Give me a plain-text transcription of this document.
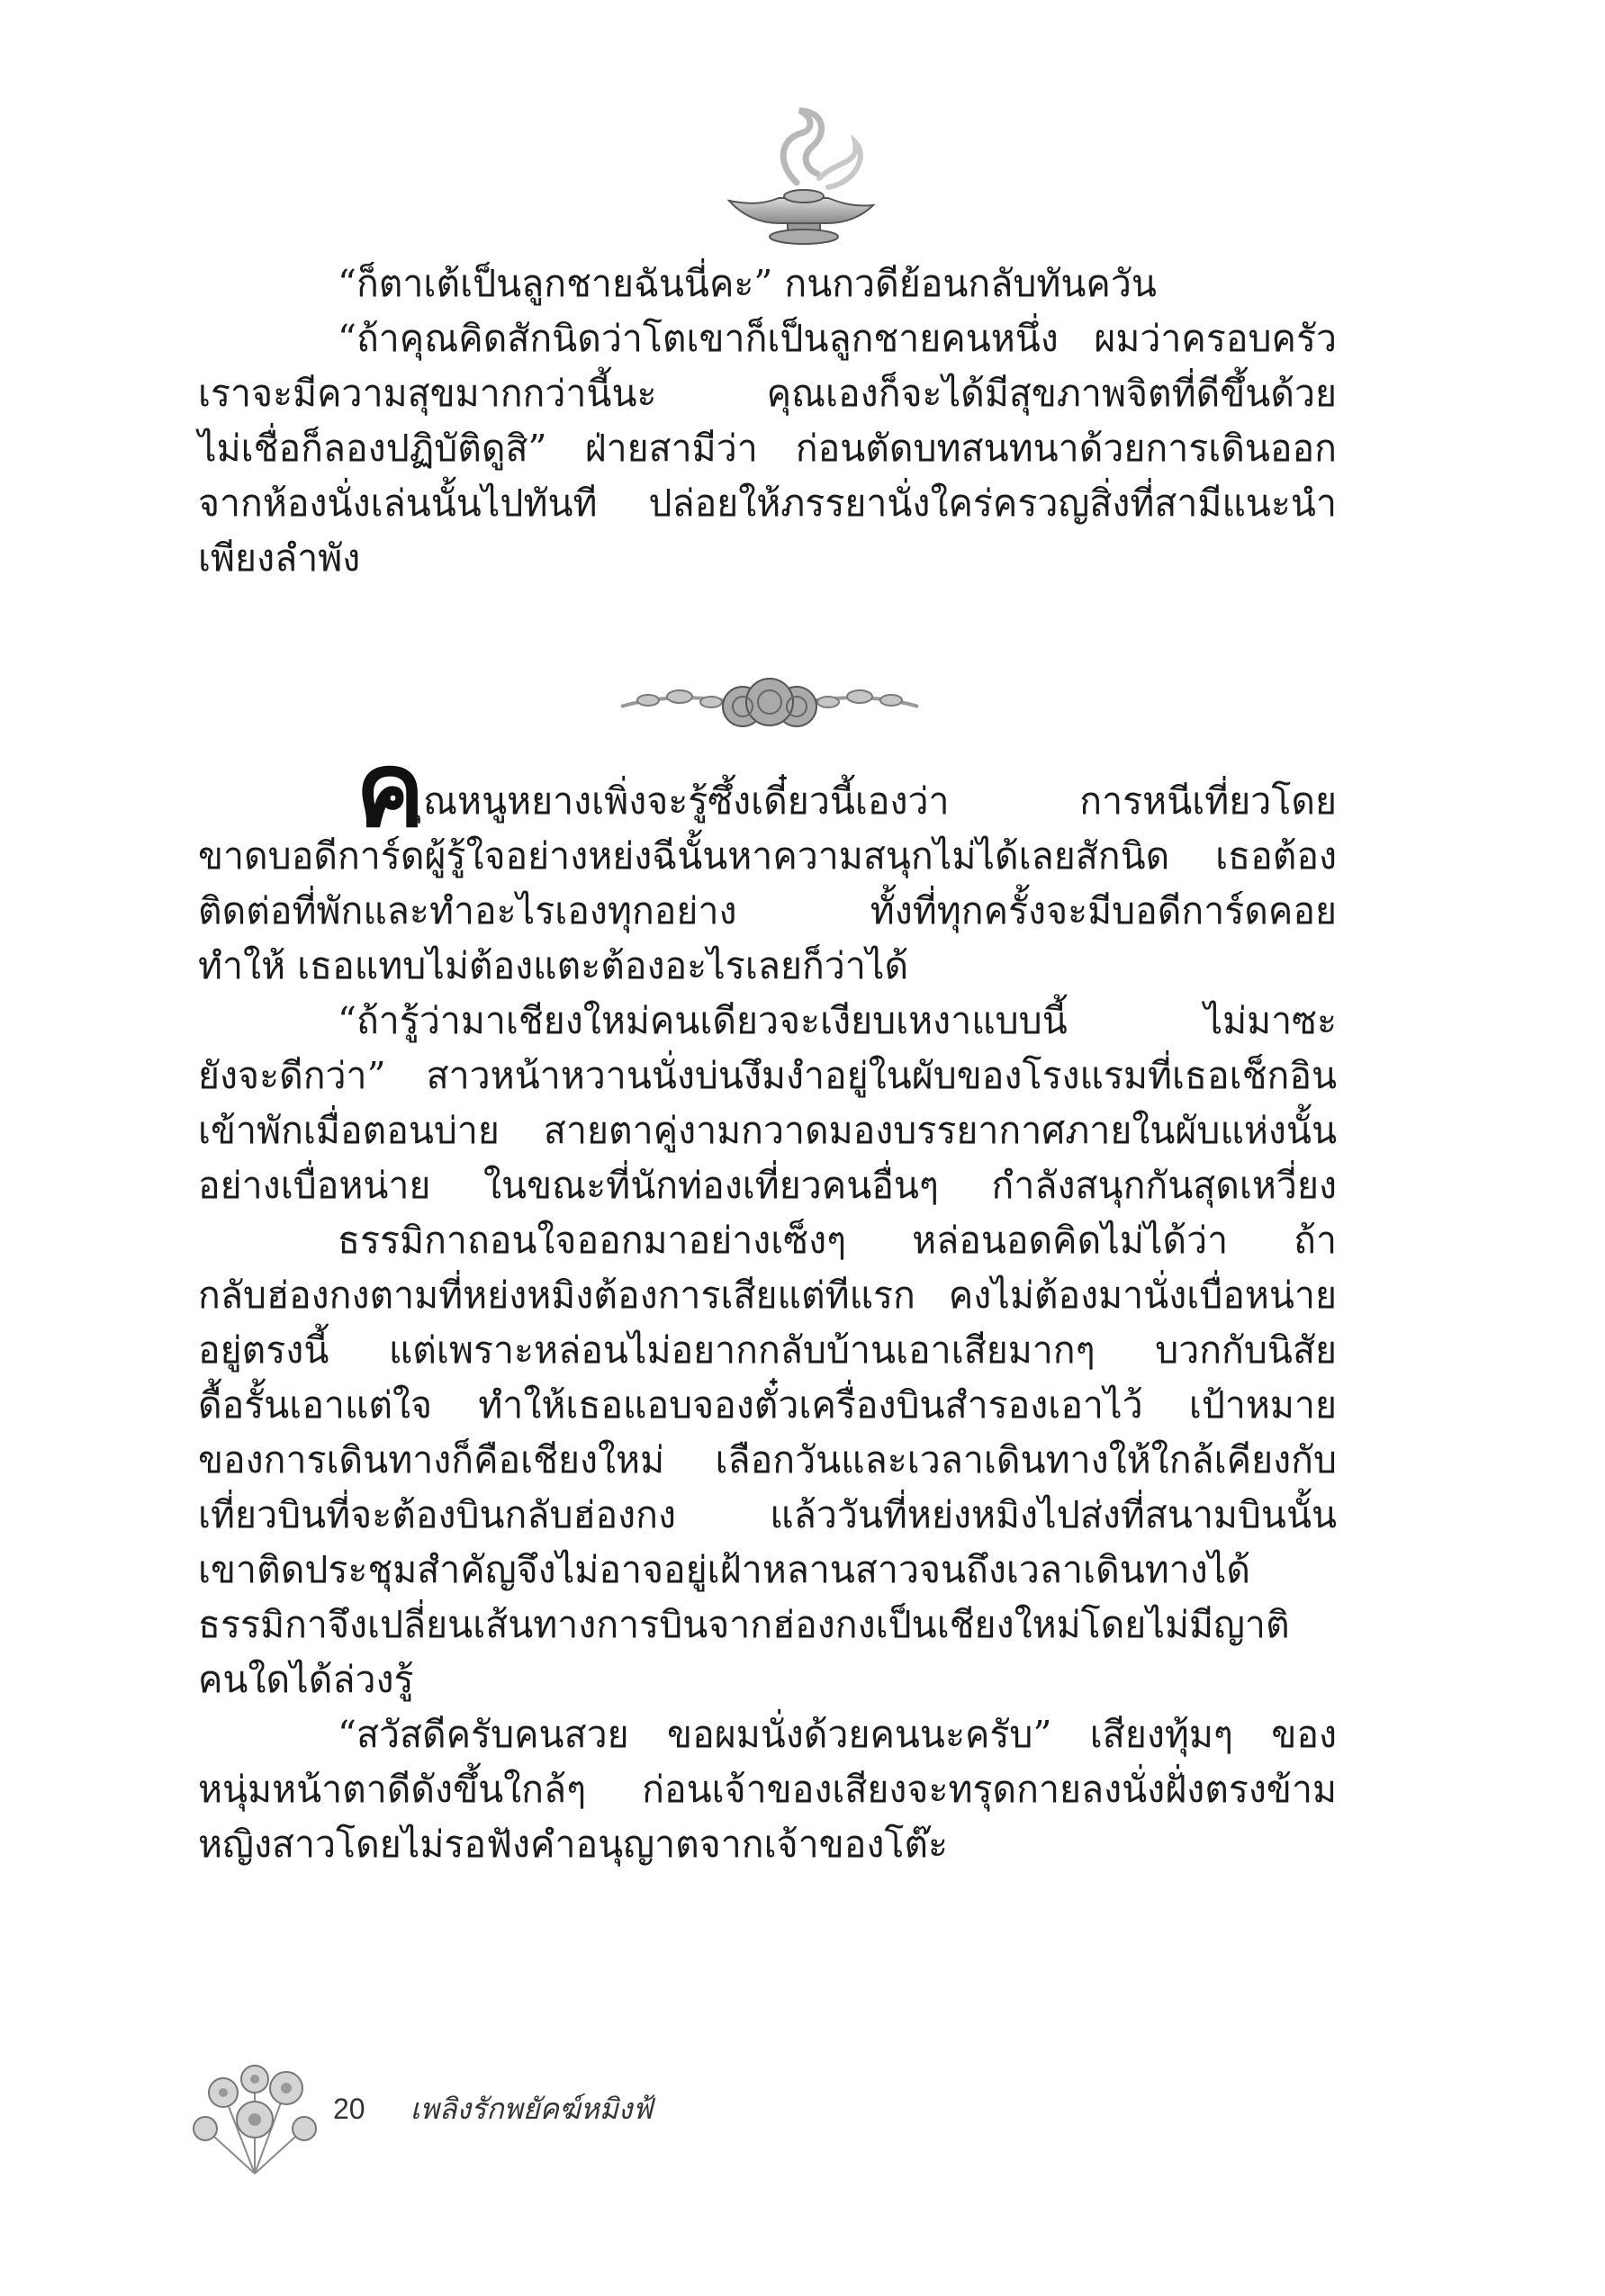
“ก็ตาเต้เป็นลูกชายฉันนี่คะ” กนกวดีย้อนกลับทันควัน
“ถ้าคุณคิดสักนิดว่าโตเขาก็เป็นลูกชายคนหนึ่ง ผมว่าครอบครัว
เราจะมีความสุขมากกว่านี้นะ คุณเองก็จะได้มีสุขภาพจิตที่ดีขึ้นด้วย
ไม่เชื่อก็ลองปฏิบัติดูสิ” ฝ่ายสามีว่า ก่อนตัดบทสนทนาด้วยการเดินออก
จากห้องนั่งเล่นนั้นไปทันที ปล่อยให้ภรรยานั่งใคร่ครวญสิ่งที่สามีแนะนำ
เพียงลำพัง
ค
ุณหนูหยางเพิ่งจะรู้ซึ้งเดี๋ยวนี้เองว่า การหนีเที่ยวโดย
ขาดบอดีการ์ดผู้รู้ใจอย่างหย่งฉีนั้นหาความสนุกไม่ได้เลยสักนิด เธอต้อง
ติดต่อที่พักและทำอะไรเองทุกอย่าง ทั้งที่ทุกครั้งจะมีบอดีการ์ดคอย
ทำให้ เธอแทบไม่ต้องแตะต้องอะไรเลยก็ว่าได้
“ถ้ารู้ว่ามาเชียงใหม่คนเดียวจะเงียบเหงาแบบนี้ ไม่มาซะ
ยังจะดีกว่า” สาวหน้าหวานนั่งบ่นงึมงำอยู่ในผับของโรงแรมที่เธอเช็กอิน
เข้าพักเมื่อตอนบ่าย สายตาคู่งามกวาดมองบรรยากาศภายในผับแห่งนั้น
อย่างเบื่อหน่าย ในขณะที่นักท่องเที่ยวคนอื่นๆ กำลังสนุกกันสุดเหวี่ยง
ธรรมิกาถอนใจออกมาอย่างเซ็งๆ หล่อนอดคิดไม่ได้ว่า ถ้า
กลับฮ่องกงตามที่หย่งหมิงต้องการเสียแต่ทีแรก คงไม่ต้องมานั่งเบื่อหน่าย
อยู่ตรงนี้ แต่เพราะหล่อนไม่อยากกลับบ้านเอาเสียมากๆ บวกกับนิสัย
ดื้อรั้นเอาแต่ใจ ทำให้เธอแอบจองตั๋วเครื่องบินสำรองเอาไว้ เป้าหมาย
ของการเดินทางก็คือเชียงใหม่ เลือกวันและเวลาเดินทางให้ใกล้เคียงกับ
เที่ยวบินที่จะต้องบินกลับฮ่องกง แล้ววันที่หย่งหมิงไปส่งที่สนามบินนั้น
เขาติดประชุมสำคัญจึงไม่อาจอยู่เฝ้าหลานสาวจนถึงเวลาเดินทางได้
ธรรมิกาจึงเปลี่ยนเส้นทางการบินจากฮ่องกงเป็นเชียงใหม่โดยไม่มีญาติ
คนใดได้ล่วงรู้
“สวัสดีครับคนสวย ขอผมนั่งด้วยคนนะครับ” เสียงทุ้มๆ ของ
หนุ่มหน้าตาดีดังขึ้นใกล้ๆ ก่อนเจ้าของเสียงจะทรุดกายลงนั่งฝั่งตรงข้าม
หญิงสาวโดยไม่รอฟังคำอนุญาตจากเจ้าของโต๊ะ
20 เพลิงรักพยัคฆ์หมิงฟ้
